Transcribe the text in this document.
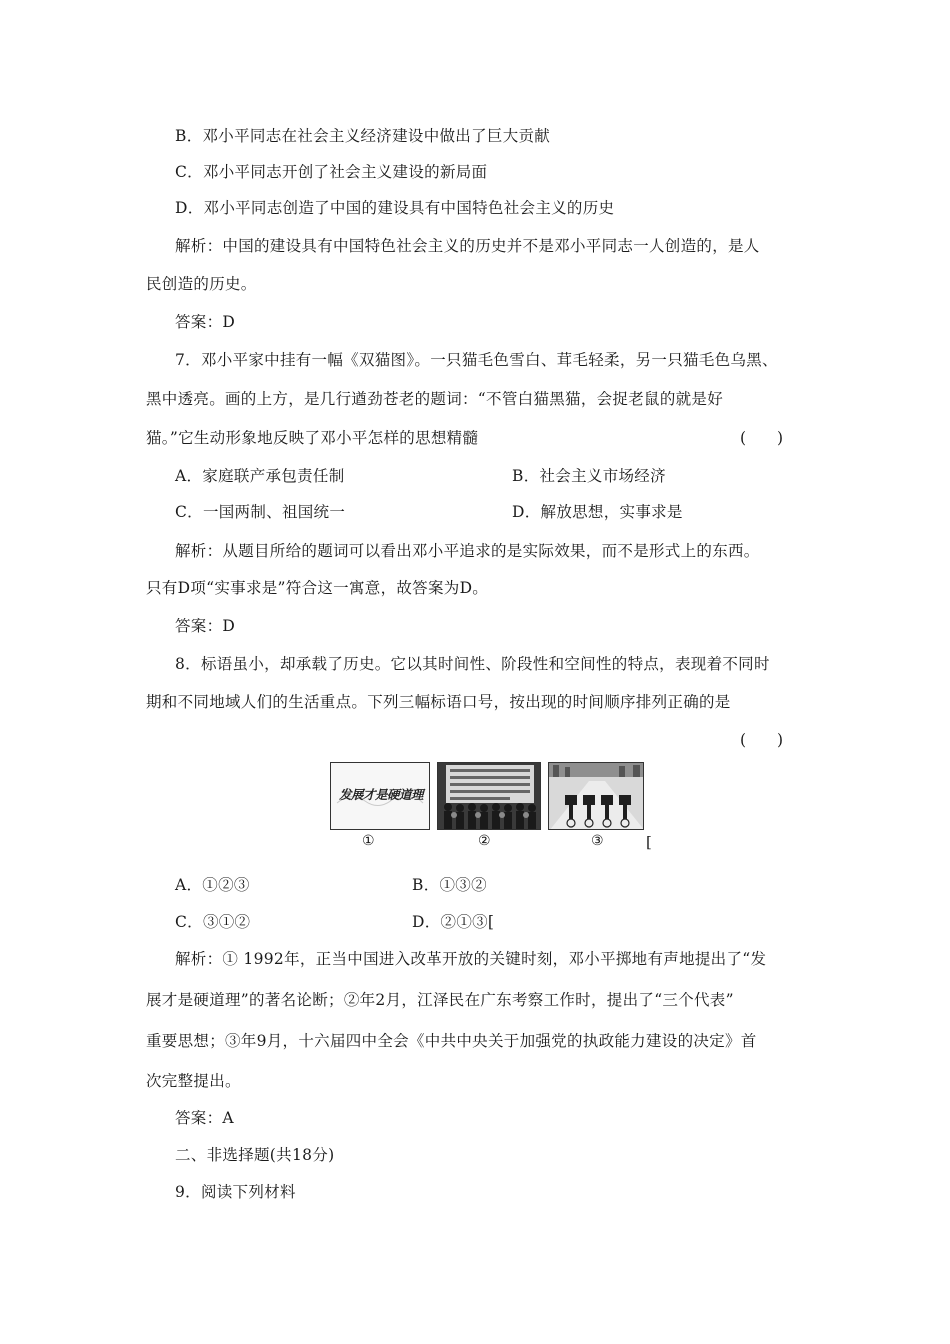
B．邓小平同志在社会主义经济建设中做出了巨大贡献
C．邓小平同志开创了社会主义建设的新局面
D．邓小平同志创造了中国的建设具有中国特色社会主义的历史
解析：中国的建设具有中国特色社会主义的历史并不是邓小平同志一人创造的，是人
民创造的历史。
答案：D
7．邓小平家中挂有一幅《双猫图》。一只猫毛色雪白、茸毛轻柔，另一只猫毛色乌黑、
黑中透亮。画的上方，是几行遒劲苍老的题词：“不管白猫黑猫，会捉老鼠的就是好
猫。”它生动形象地反映了邓小平怎样的思想精髓	(　　)
A．家庭联产承包责任制	B．社会主义市场经济
C．一国两制、祖国统一	D．解放思想，实事求是
解析：从题目所给的题词可以看出邓小平追求的是实际效果，而不是形式上的东西。
只有D项“实事求是”符合这一寓意，故答案为D。
答案：D
8．标语虽小，却承载了历史。它以其时间性、阶段性和空间性的特点，表现着不同时
期和不同地域人们的生活重点。下列三幅标语口号，按出现的时间顺序排列正确的是
(　　)
发展才是硬道理
①	②	③	[
A．①②③	B．①③②
C．③①②	D．②①③[
解析：① 1992年，正当中国进入改革开放的关键时刻，邓小平掷地有声地提出了“发
展才是硬道理”的著名论断；②年2月，江泽民在广东考察工作时，提出了“三个代表”
重要思想；③年9月，十六届四中全会《中共中央关于加强党的执政能力建设的决定》首
次完整提出。
答案：A
二、非选择题(共18分)
9．阅读下列材料
